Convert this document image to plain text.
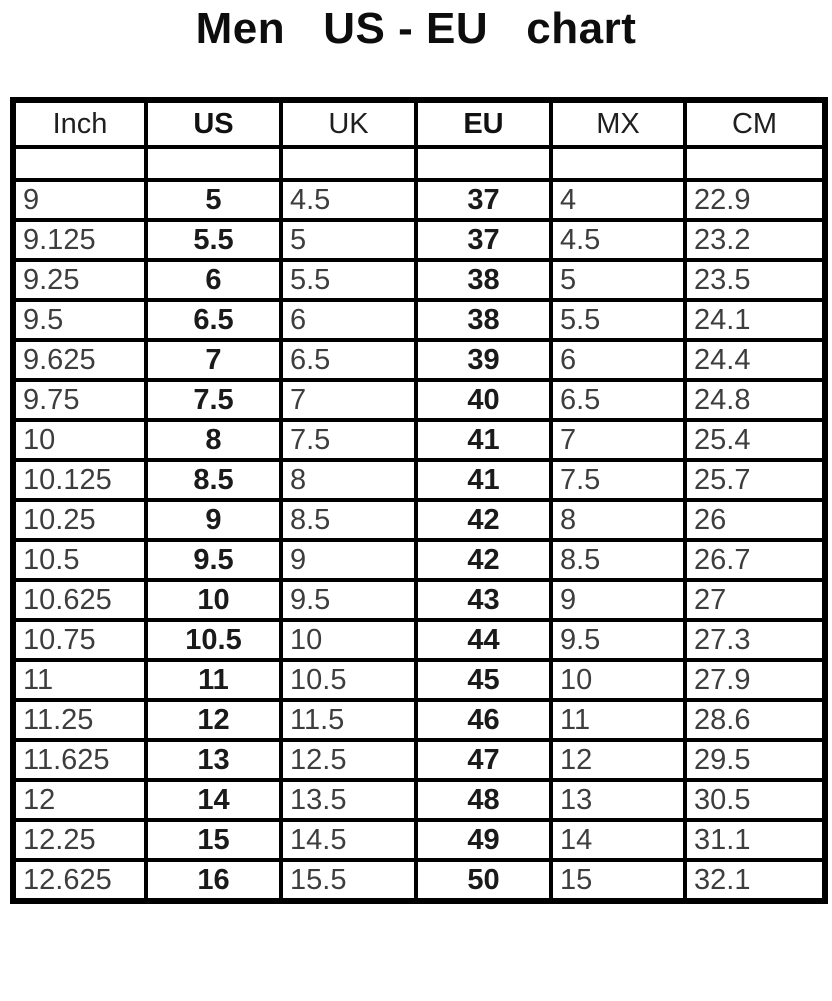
Men   US - EU   chart
Inch	US	UK	EU	MX	CM

9	5	4.5	37	4	22.9
9.125	5.5	5	37	4.5	23.2
9.25	6	5.5	38	5	23.5
9.5	6.5	6	38	5.5	24.1
9.625	7	6.5	39	6	24.4
9.75	7.5	7	40	6.5	24.8
10	8	7.5	41	7	25.4
10.125	8.5	8	41	7.5	25.7
10.25	9	8.5	42	8	26
10.5	9.5	9	42	8.5	26.7
10.625	10	9.5	43	9	27
10.75	10.5	10	44	9.5	27.3
11	11	10.5	45	10	27.9
11.25	12	11.5	46	11	28.6
11.625	13	12.5	47	12	29.5
12	14	13.5	48	13	30.5
12.25	15	14.5	49	14	31.1
12.625	16	15.5	50	15	32.1
